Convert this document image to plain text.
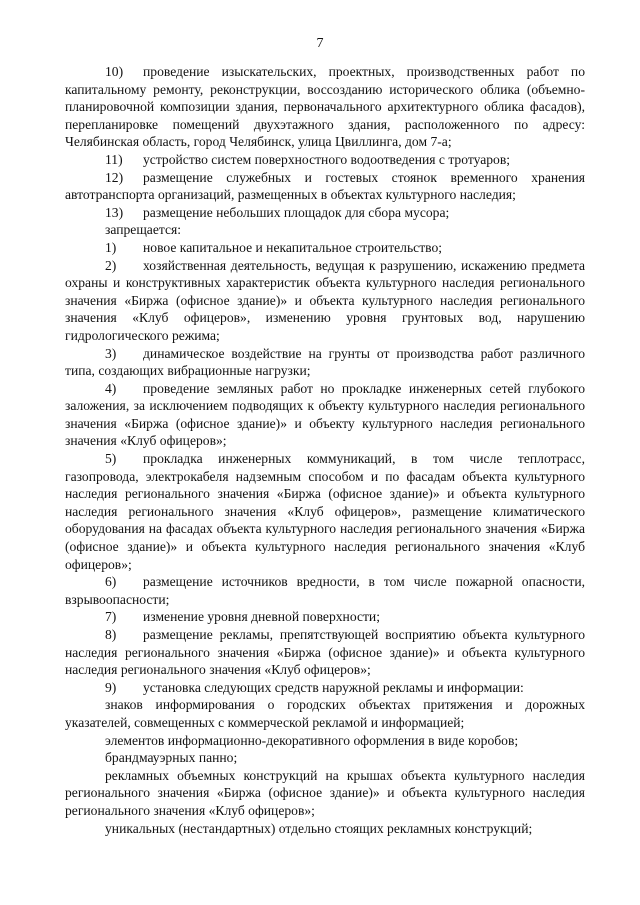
7

10) проведение изыскательских, проектных, производственных работ по капитальному ремонту, реконструкции, воссозданию исторического облика (объемно-планировочной композиции здания, первоначального архитектурного облика фасадов), перепланировке помещений двухэтажного здания, расположенного по адресу: Челябинская область, город Челябинск, улица Цвиллинга, дом 7-а;

11) устройство систем поверхностного водоотведения с тротуаров;

12) размещение служебных и гостевых стоянок временного хранения автотранспорта организаций, размещенных в объектах культурного наследия;

13) размещение небольших площадок для сбора мусора;

запрещается:

1) новое капитальное и некапитальное строительство;

2) хозяйственная деятельность, ведущая к разрушению, искажению предмета охраны и конструктивных характеристик объекта культурного наследия регионального значения «Биржа (офисное здание)» и объекта культурного наследия регионального значения «Клуб офицеров», изменению уровня грунтовых вод, нарушению гидрологического режима;

3) динамическое воздействие на грунты от производства работ различного типа, создающих вибрационные нагрузки;

4) проведение земляных работ но прокладке инженерных сетей глубокого заложения, за исключением подводящих к объекту культурного наследия регионального значения «Биржа (офисное здание)» и объекту культурного наследия регионального значения «Клуб офицеров»;

5) прокладка инженерных коммуникаций, в том числе теплотрасс, газопровода, электрокабеля надземным способом и по фасадам объекта культурного наследия регионального значения «Биржа (офисное здание)» и объекта культурного наследия регионального значения «Клуб офицеров», размещение климатического оборудования на фасадах объекта культурного наследия регионального значения «Биржа (офисное здание)» и объекта культурного наследия регионального значения «Клуб офицеров»;

6) размещение источников вредности, в том числе пожарной опасности, взрывоопасности;

7) изменение уровня дневной поверхности;

8) размещение рекламы, препятствующей восприятию объекта культурного наследия регионального значения «Биржа (офисное здание)» и объекта культурного наследия регионального значения «Клуб офицеров»;

9) установка следующих средств наружной рекламы и информации:

знаков информирования о городских объектах притяжения и дорожных указателей, совмещенных с коммерческой рекламой и информацией;

элементов информационно-декоративного оформления в виде коробов;

брандмауэрных панно;

рекламных объемных конструкций на крышах объекта культурного наследия регионального значения «Биржа (офисное здание)» и объекта культурного наследия регионального значения «Клуб офицеров»;

уникальных (нестандартных) отдельно стоящих рекламных конструкций;
